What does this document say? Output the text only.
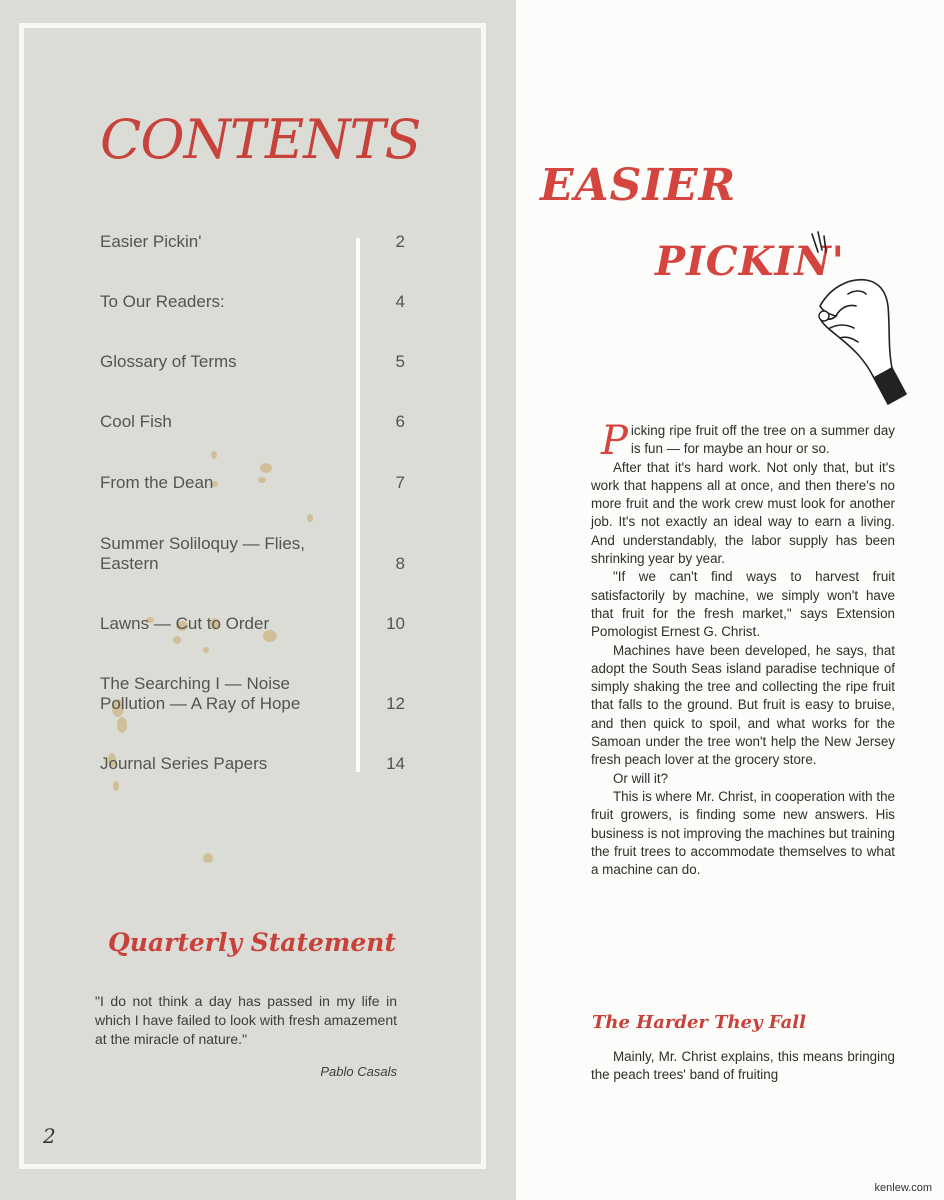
CONTENTS
Easier Pickin'	2
To Our Readers:	4
Glossary of Terms	5
Cool Fish	6
From the Dean	7
Summer Soliloquy — Flies, Eastern	8
Lawns — Cut to Order	10
The Searching I — Noise Pollution — A Ray of Hope	12
Journal Series Papers	14
Quarterly Statement

"I do not think a day has passed in my life in which I have failed to look with fresh amazement at the miracle of nature."

Pablo Casals

2
EASIER
PICKIN'

Picking ripe fruit off the tree on a summer day is fun — for maybe an hour or so.

After that it's hard work. Not only that, but it's work that happens all at once, and then there's no more fruit and the work crew must look for another job. It's not exactly an ideal way to earn a living. And understandably, the labor supply has been shrinking year by year.

"If we can't find ways to harvest fruit satisfactorily by machine, we simply won't have that fruit for the fresh market," says Extension Pomologist Ernest G. Christ.

Machines have been developed, he says, that adopt the South Seas island paradise technique of simply shaking the tree and collecting the ripe fruit that falls to the ground. But fruit is easy to bruise, and then quick to spoil, and what works for the Samoan under the tree won't help the New Jersey fresh peach lover at the grocery store.

Or will it?

This is where Mr. Christ, in cooperation with the fruit growers, is finding some new answers. His business is not improving the machines but training the fruit trees to accommodate themselves to what a machine can do.

The Harder They Fall

Mainly, Mr. Christ explains, this means bringing the peach trees' band of fruiting

kenlew.com
